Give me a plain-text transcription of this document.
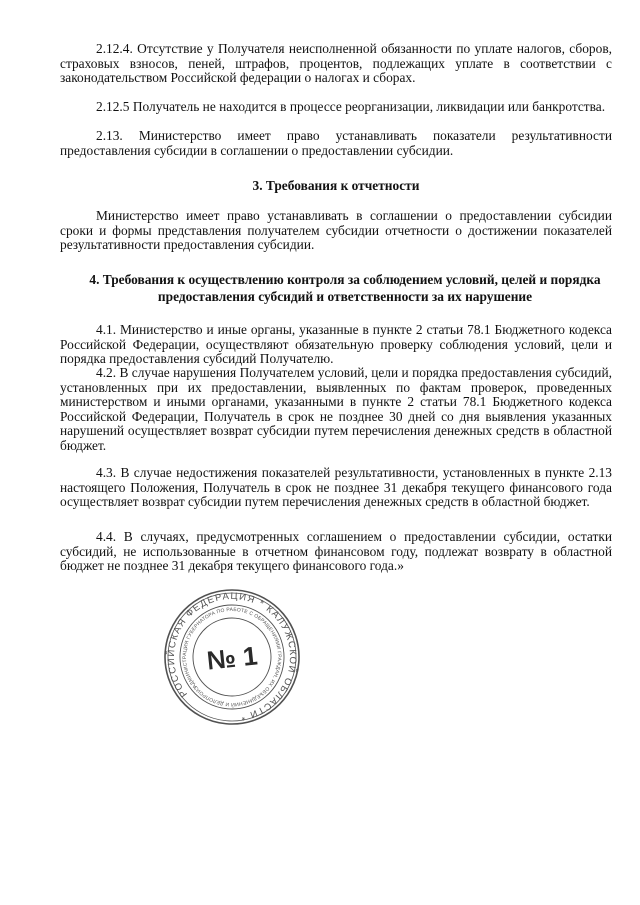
2.12.4. Отсутствие у Получателя неисполненной обязанности по уплате налогов, сборов, страховых взносов, пеней, штрафов, процентов, подлежащих уплате в соответствии с законодательством Российской федерации о налогах и сборах.
2.12.5 Получатель не находится в процессе реорганизации, ликвидации или банкротства.
2.13. Министерство имеет право устанавливать показатели результативности предоставления субсидии в соглашении о предоставлении субсидии.
3. Требования к отчетности
Министерство имеет право устанавливать в соглашении о предоставлении субсидии сроки и формы представления получателем субсидии отчетности о достижении показателей результативности предоставления субсидии.
4. Требования к осуществлению контроля за соблюдением условий, целей и порядка
предоставления субсидий и ответственности за их нарушение
4.1. Министерство и иные органы, указанные в пункте 2 статьи 78.1 Бюджетного кодекса Российской Федерации, осуществляют обязательную проверку соблюдения условий, цели и порядка предоставления субсидий Получателю.
4.2. В случае нарушения Получателем условий, цели и порядка предоставления субсидий, установленных при их предоставлении, выявленных по фактам проверок, проведенных министерством и иными органами, указанными в пункте 2 статьи 78.1 Бюджетного кодекса Российской Федерации, Получатель в срок не позднее 30 дней со дня выявления указанных нарушений осуществляет возврат субсидии путем перечисления денежных средств в областной бюджет.
4.3. В случае недостижения показателей результативности, установленных в пункте 2.13 настоящего Положения, Получатель в срок не позднее 31 декабря текущего финансового года осуществляет возврат субсидии путем перечисления денежных средств в областной бюджет.
4.4. В случаях, предусмотренных соглашением о предоставлении субсидии, остатки субсидий, не использованные в отчетном финансовом году, подлежат возврату в областной бюджет не позднее 31 декабря текущего финансового года.»
РОССИЙСКАЯ ФЕДЕРАЦИЯ * КАЛУЖСКОЙ ОБЛАСТИ *
АДМИНИСТРАЦИЯ ГУБЕРНАТОРА ПО РАБОТЕ С ОБРАЩЕНИЯМИ ГРАЖДАН, ИХ ОБЪЕДИНЕНИЙ И ДЕЛОПРОИЗВОДСТВУ	№ 1
